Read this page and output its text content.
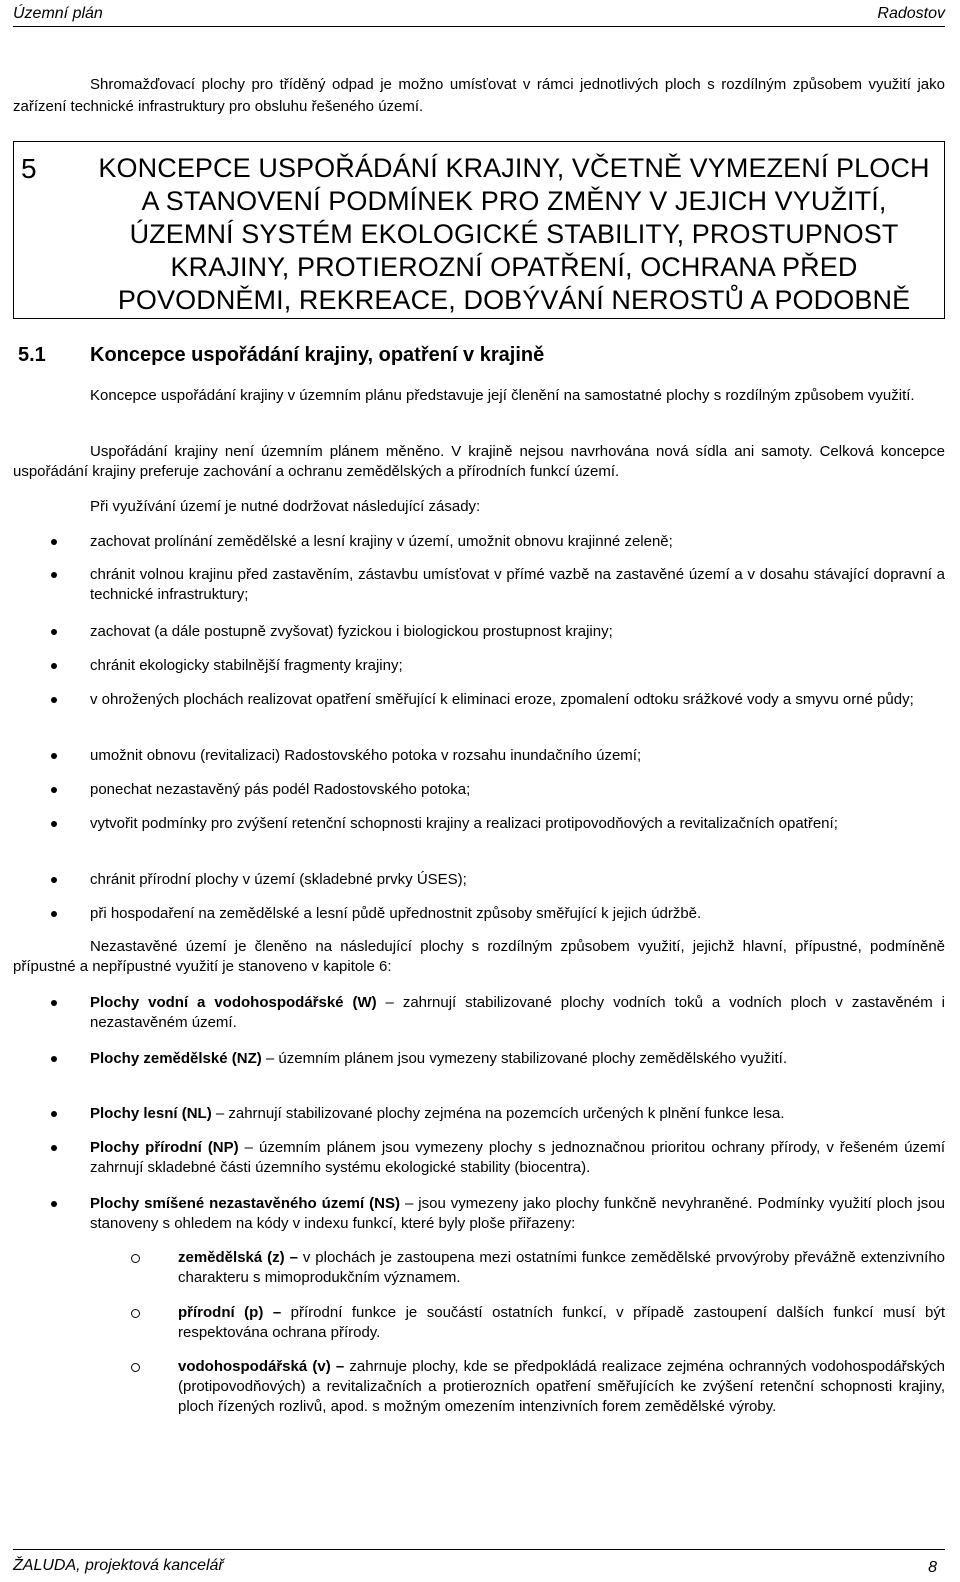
Územní plán	Radostov

Shromažďovací plochy pro tříděný odpad je možno umísťovat v rámci jednotlivých ploch s rozdílným způsobem využití jako zařízení technické infrastruktury pro obsluhu řešeného území.

5 KONCEPCE USPOŘÁDÁNÍ KRAJINY, VČETNĚ VYMEZENÍ PLOCH A STANOVENÍ PODMÍNEK PRO ZMĚNY V JEJICH VYUŽITÍ, ÚZEMNÍ SYSTÉM EKOLOGICKÉ STABILITY, PROSTUPNOST KRAJINY, PROTIEROZNÍ OPATŘENÍ, OCHRANA PŘED POVODNĚMI, REKREACE, DOBÝVÁNÍ NEROSTŮ A PODOBNĚ
5.1 Koncepce uspořádání krajiny, opatření v krajině

Koncepce uspořádání krajiny v územním plánu představuje její členění na samostatné plochy s rozdílným způsobem využití.

Uspořádání krajiny není územním plánem měněno. V krajině nejsou navrhována nová sídla ani samoty. Celková koncepce uspořádání krajiny preferuje zachování a ochranu zemědělských a přírodních funkcí území.

Při využívání území je nutné dodržovat následující zásady:

zachovat prolínání zemědělské a lesní krajiny v území, umožnit obnovu krajinné zeleně;
chránit volnou krajinu před zastavěním, zástavbu umísťovat v přímé vazbě na zastavěné území a v dosahu stávající dopravní a technické infrastruktury;
zachovat (a dále postupně zvyšovat) fyzickou i biologickou prostupnost krajiny;
chránit ekologicky stabilnější fragmenty krajiny;
v ohrožených plochách realizovat opatření směřující k eliminaci eroze, zpomalení odtoku srážkové vody a smyvu orné půdy;
umožnit obnovu (revitalizaci) Radostovského potoka v rozsahu inundačního území;
ponechat nezastavěný pás podél Radostovského potoka;
vytvořit podmínky pro zvýšení retenční schopnosti krajiny a realizaci protipovodňových a revitalizačních opatření;
chránit přírodní plochy v území (skladebné prvky ÚSES);
při hospodaření na zemědělské a lesní půdě upřednostnit způsoby směřující k jejich údržbě.

Nezastavěné území je členěno na následující plochy s rozdílným způsobem využití, jejichž hlavní, přípustné, podmíněně přípustné a nepřípustné využití je stanoveno v kapitole 6:

Plochy vodní a vodohospodářské (W) – zahrnují stabilizované plochy vodních toků a vodních ploch v zastavěném i nezastavěném území.
Plochy zemědělské (NZ) – územním plánem jsou vymezeny stabilizované plochy zemědělského využití.
Plochy lesní (NL) – zahrnují stabilizované plochy zejména na pozemcích určených k plnění funkce lesa.
Plochy přírodní (NP) – územním plánem jsou vymezeny plochy s jednoznačnou prioritou ochrany přírody, v řešeném území zahrnují skladebné části územního systému ekologické stability (biocentra).
Plochy smíšené nezastavěného území (NS) – jsou vymezeny jako plochy funkčně nevyhraněné. Podmínky využití ploch jsou stanoveny s ohledem na kódy v indexu funkcí, které byly ploše přiřazeny:
zemědělská (z) – v plochách je zastoupena mezi ostatními funkce zemědělské prvovýroby převážně extenzivního charakteru s mimoprodukčním významem.
přírodní (p) – přírodní funkce je součástí ostatních funkcí, v případě zastoupení dalších funkcí musí být respektována ochrana přírody.
vodohospodářská (v) – zahrnuje plochy, kde se předpokládá realizace zejména ochranných vodohospodářských (protipovodňových) a revitalizačních a protierozních opatření směřujících ke zvýšení retenční schopnosti krajiny, ploch řízených rozlivů, apod. s možným omezením intenzivních forem zemědělské výroby.
ŽALUDA, projektová kancelář	8
